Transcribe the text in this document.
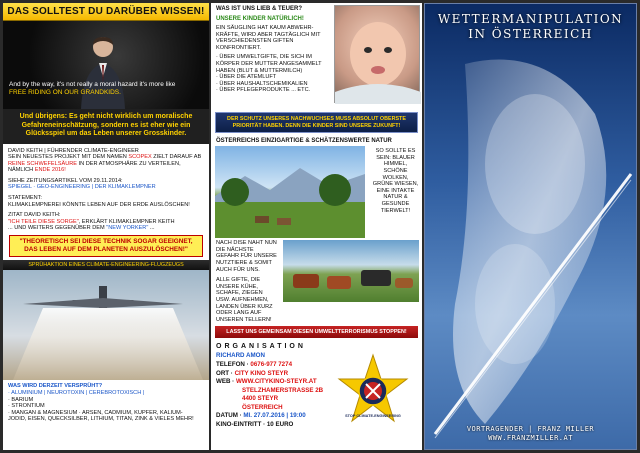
DAS SOLLTEST DU DARÜBER WISSEN!
And by the way, it's not really a moral hazard it's more like
FREE RIDING ON OUR GRANDKIDS.
Und übrigens: Es geht nicht wirklich um moralische Gefahreneinschätzung, sondern es ist eher wie ein Glücksspiel um das Leben unserer Grosskinder.
DAVID KEITH | FÜHRENDER CLIMATE-ENGINEER
SEIN NEUESTES PROJEKT MIT DEM NAMEN SCOPEX ZIELT DARAUF AB REINE SCHWEFELSÄURE IN DER ATMOSPHÄRE ZU VERTEILEN, NÄMLICH ENDE 2016!
SIEHE ZEITUNGSARTIKEL VOM 29.11.2014:
SPIEGEL · GEO-ENGINEERING | DER KLIMAKLEMPNER
STATEMENT:
KLIMAKLEMPNEREI KÖNNTE LEBEN AUF DER ERDE AUSLÖSCHEN!
ZITAT DAVID KEITH:
"ICH TEILE DIESE SORGE", ERKLÄRT KLIMAKLEMPNER KEITH
... UND WEITERS GEGENÜBER DEM "NEW YORKER" ...
"THEORETISCH SEI DIESE TECHNIK SOGAR GEEIGNET, DAS LEBEN AUF DEM PLANETEN AUSZULÖSCHEN!"
SPRÜHAKTION EINES CLIMATE-ENGINEERING-FLUGZEUGS
WAS WIRD DERZEIT VERSPRÜHT?
· ALUMINIUM | NEUROTOXIN | CEREBROTOXISCH |
· BARIUM
· STRONTIUM
· MANGAN & MAGNESIUM · ARSEN, CADMIUM, KUPFER, KALIUM-
JODID, EISEN, QUECKSILBER, LITHIUM, TITAN, ZINK & VIELES MEHR!
WAS IST UNS LIEB & TEUER?
UNSERE KINDER NATÜRLICH!
EIN SÄUGLING HAT KAUM ABWEHR-KRÄFTE, WIRD ABER TAGTÄGLICH MIT VERSCHIEDENSTEN GIFTEN KONFRONTIERT.
· ÜBER UMWELTGIFTE, DIE SICH IM KÖRPER DER MUTTER ANGESAMMELT HABEN (BLUT & MUTTERMILCH)
· ÜBER DIE ATEMLUFT
· ÜBER HAUSHALTSCHEMIKALIEN
· ÜBER PFLEGEPRODUKTE ... ETC.
DER SCHUTZ UNSERES NACHWUCHSES MUSS ABSOLUT OBERSTE PRIORITÄT HABEN. DENN DIE KINDER SIND UNSERE ZUKUNFT!
ÖSTERREICHS EINZIGARTIGE & SCHÄTZENSWERTE NATUR
SO SOLLTE ES SEIN: BLAUER HIMMEL, SCHÖNE WOLKEN, GRÜNE WIESEN, EINE INTAKTE NATUR & GESUNDE TIERWELT!
NACH DISE NAHT NUN DIE NÄCHSTE GEFAHR FÜR UNSERE NUTZTIERE & SOMIT AUCH FÜR UNS.
ALLE GIFTE, DIE UNSERE KÜHE, SCHAFE, ZIEGEN USW. AUFNEHMEN, LANDEN ÜBER KURZ ODER LANG AUF UNSEREN TELLERN!
LASST UNS GEMEINSAM DIESEN UMWELTTERRORISMUS STOPPEN!
ORGANISATION
RICHARD AMON
TELEFON · 0676-977 7274
ORT · CITY KINO STEYR
WEB · WWW.CITYKINO-STEYR.AT
STELZHAMERSTRASSE 2B
4400 STEYR
ÖSTERREICH
DATUM · MI. 27.07.2016 | 19:00
KINO-EINTRITT · 10 EURO
STOP CLIMATE-ENGINEERING
WETTERMANIPULATION
IN ÖSTERREICH
VORTRAGENDER | FRANZ MILLER
WWW.FRANZMILLER.AT
